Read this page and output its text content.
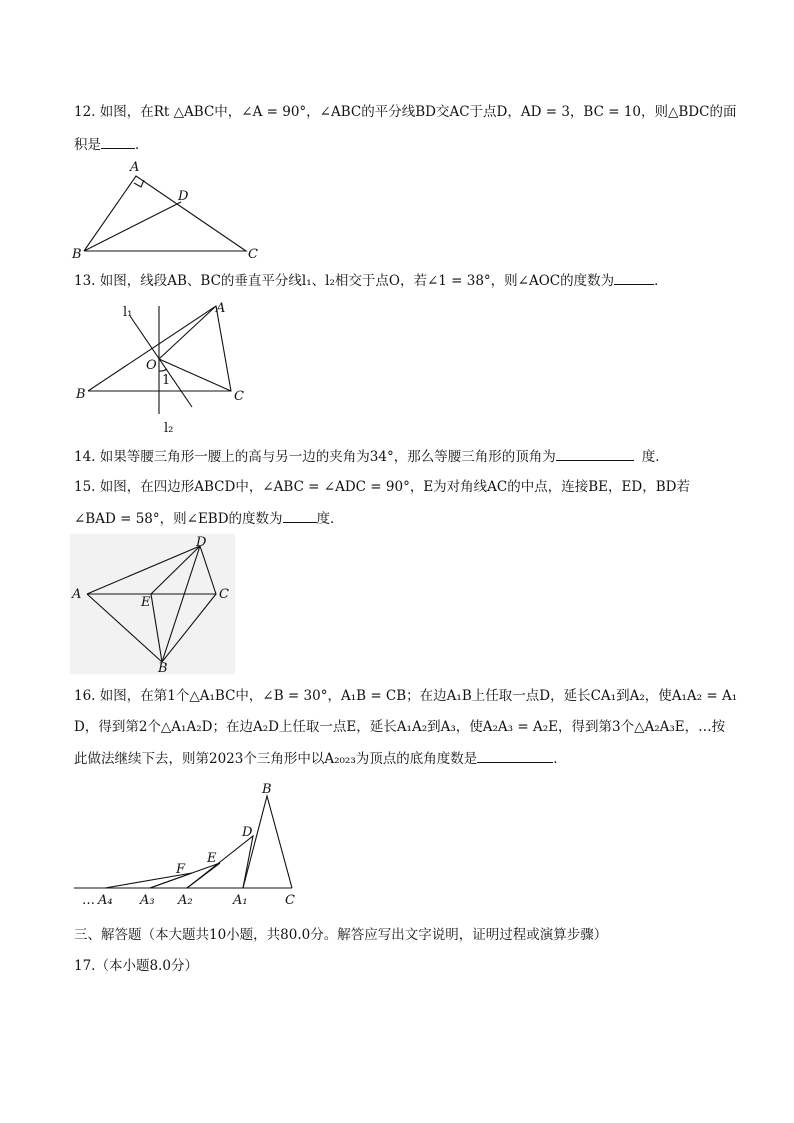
12. 如图，在Rt △ABC中，∠A = 90°，∠ABC的平分线BD交AC于点D，AD = 3，BC = 10，则△BDC的面
积是	．
A
B	C
D
13. 如图，线段AB、BC的垂直平分线l₁、l₂相交于点O，若∠1 = 38°，则∠AOC的度数为	．
l₁
l₂
A
B	C
O
1
14. 如果等腰三角形一腰上的高与另一边的夹角为34°，那么等腰三角形的顶角为	度．
15. 如图，在四边形ABCD中，∠ABC = ∠ADC = 90°，E为对角线AC的中点，连接BE，ED，BD若
∠BAD = 58°，则∠EBD的度数为	度．
D
A
E
C
B
16. 如图，在第1个△A₁BC中，∠B = 30°，A₁B = CB；在边A₁B上任取一点D，延长CA₁到A₂，使A₁A₂ = A₁
D，得到第2个△A₁A₂D；在边A₂D上任取一点E，延长A₁A₂到A₃，使A₂A₃ = A₂E，得到第3个△A₂A₃E，…按
此做法继续下去，则第2023个三角形中以A₂₀₂₃为顶点的底角度数是	．
B
D
E
F
C
A₁
A₂
A₃
A₄
…
三、解答题（本大题共10小题，共80.0分。解答应写出文字说明，证明过程或演算步骤）
17.（本小题8.0分）
